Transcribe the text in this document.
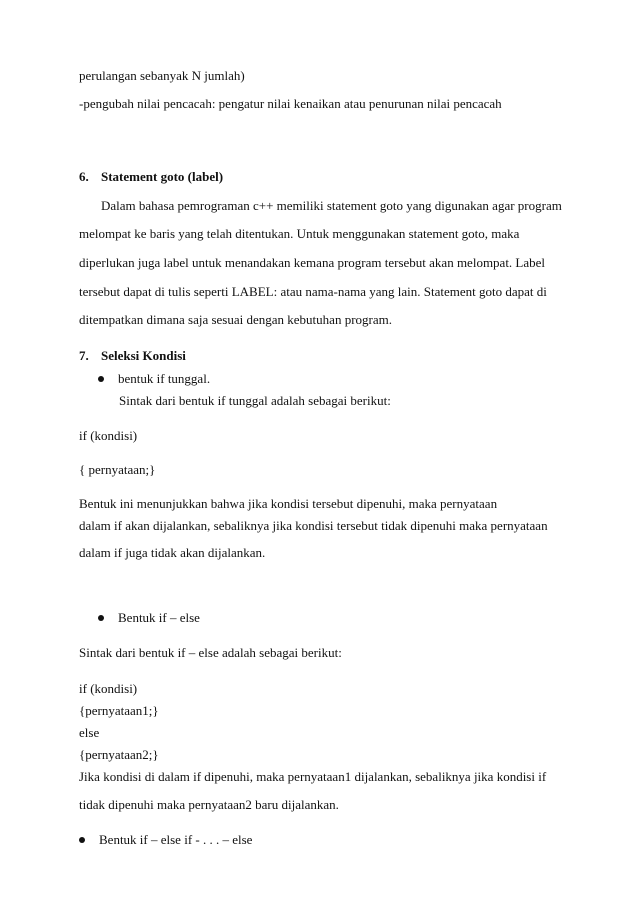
perulangan sebanyak N jumlah)
-pengubah nilai pencacah: pengatur nilai kenaikan atau penurunan nilai pencacah
6. Statement goto (label)
Dalam bahasa pemrograman c++ memiliki statement goto yang digunakan agar program
melompat ke baris yang telah ditentukan. Untuk menggunakan statement goto, maka
diperlukan juga label untuk menandakan kemana program tersebut akan melompat. Label
tersebut dapat di tulis seperti LABEL: atau nama-nama yang lain. Statement goto dapat di
ditempatkan dimana saja sesuai dengan kebutuhan program.
7. Seleksi Kondisi
bentuk if tunggal.
Sintak dari bentuk if tunggal adalah sebagai berikut:
if (kondisi)
{ pernyataan;}
Bentuk ini menunjukkan bahwa jika kondisi tersebut dipenuhi, maka pernyataan
dalam if akan dijalankan, sebaliknya jika kondisi tersebut tidak dipenuhi maka pernyataan
dalam if juga tidak akan dijalankan.
Bentuk if – else
Sintak dari bentuk if – else adalah sebagai berikut:
if (kondisi)
{pernyataan1;}
else
{pernyataan2;}
Jika kondisi di dalam if dipenuhi, maka pernyataan1 dijalankan, sebaliknya jika kondisi if
tidak dipenuhi maka pernyataan2 baru dijalankan.
Bentuk if – else if - . . . – else
